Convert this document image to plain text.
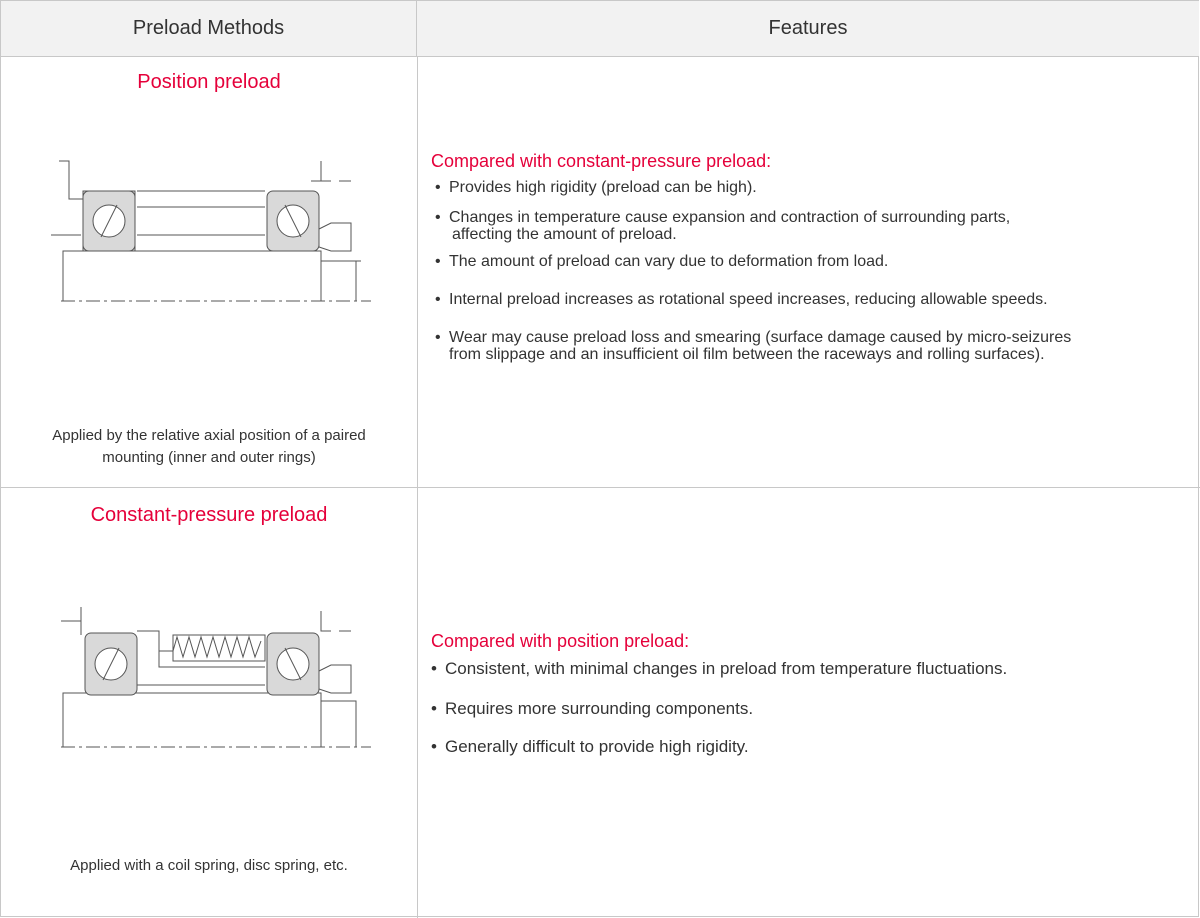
Preload Methods	Features
Position preload
Applied by the relative axial position of a paired
mounting (inner and outer rings)
Compared with constant-pressure preload:
• Provides high rigidity (preload can be high).
• Changes in temperature cause expansion and contraction of surrounding parts,
affecting the amount of preload.
• The amount of preload can vary due to deformation from load.
• Internal preload increases as rotational speed increases, reducing allowable speeds.
• Wear may cause preload loss and smearing (surface damage caused by micro-seizures
from slippage and an insufficient oil film between the raceways and rolling surfaces).
Constant-pressure preload
Applied with a coil spring, disc spring, etc.
Compared with position preload:
• Consistent, with minimal changes in preload from temperature fluctuations.
• Requires more surrounding components.
• Generally difficult to provide high rigidity.
